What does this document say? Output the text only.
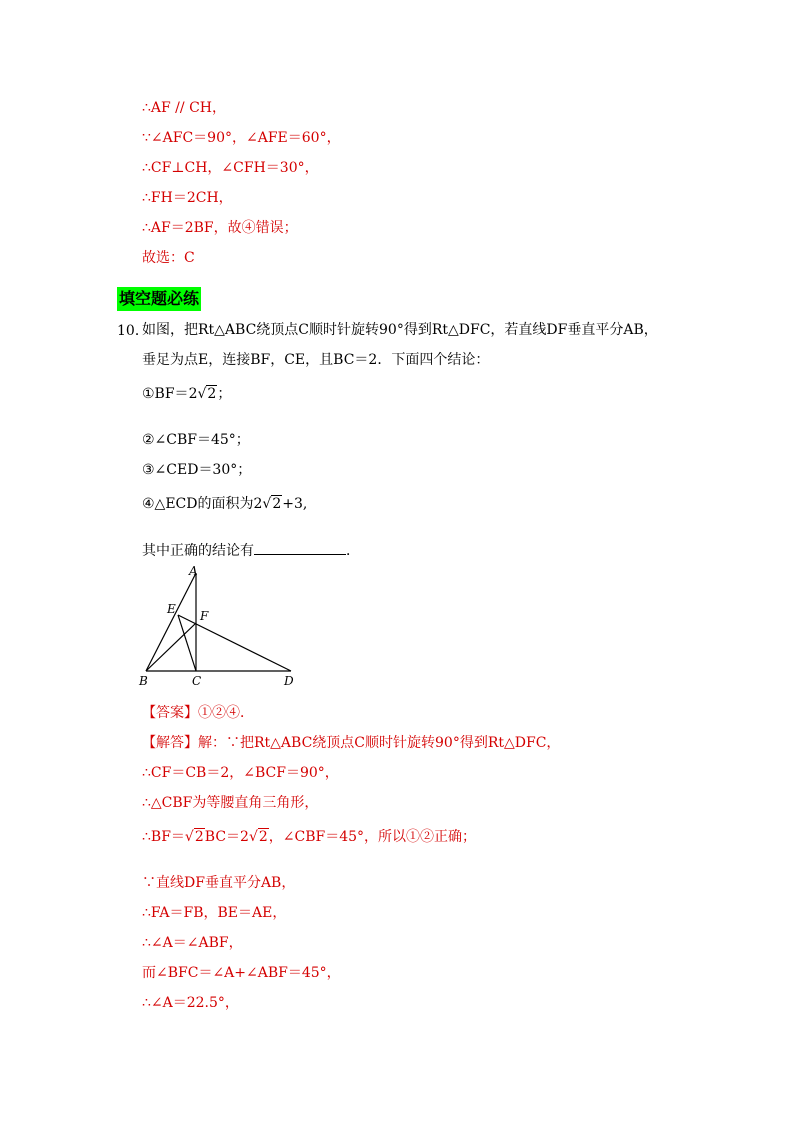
∴AF // CH，
∵∠AFC＝90°，∠AFE＝60°，
∴CF⊥CH，∠CFH＝30°，
∴FH＝2CH，
∴AF＝2BF，故④错误；
故选：C
填空题必练
10．
如图，把Rt△ABC绕顶点C顺时针旋转90°得到Rt△DFC，若直线DF垂直平分AB，
垂足为点E，连接BF，CE，且BC＝2．下面四个结论：
①BF＝2√2；
②∠CBF＝45°；
③∠CED＝30°；
④△ECD的面积为2√2+3,
其中正确的结论有	．
A
E F
B	C	D
【答案】①②④．
【解答】解：∵把Rt△ABC绕顶点C顺时针旋转90°得到Rt△DFC，
∴CF＝CB＝2，∠BCF＝90°，
∴△CBF为等腰直角三角形，
∴BF＝√2BC＝2√2，∠CBF＝45°，所以①②正确；
∵直线DF垂直平分AB，
∴FA＝FB，BE＝AE，
∴∠A＝∠ABF，
而∠BFC＝∠A+∠ABF＝45°，
∴∠A＝22.5°，
